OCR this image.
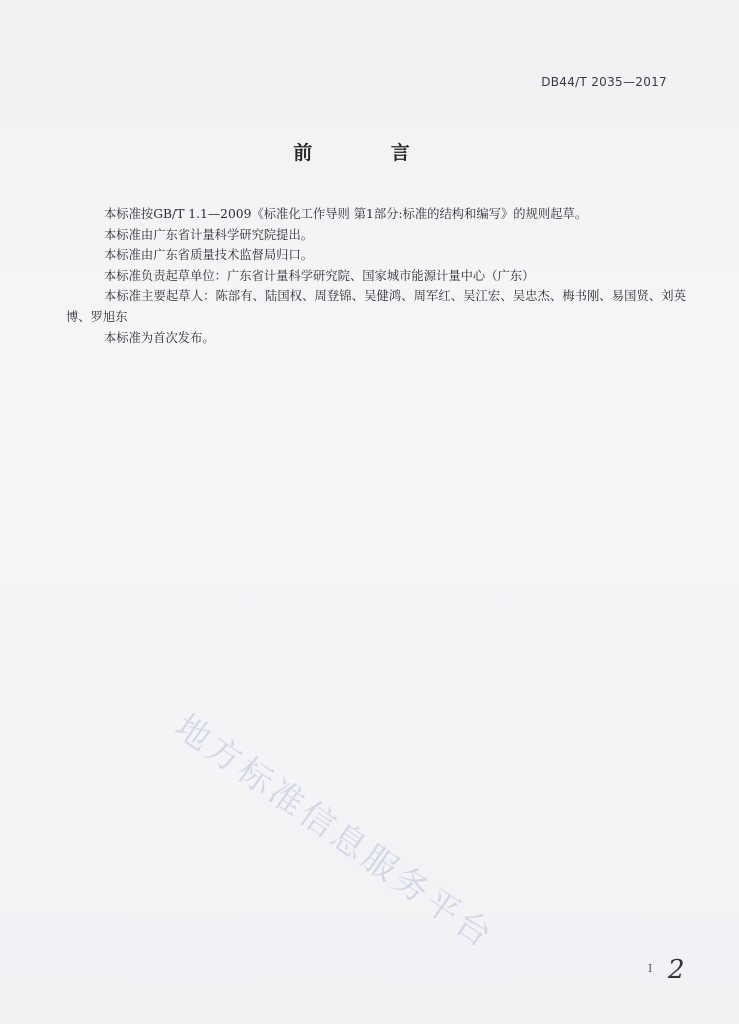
DB44/T 2035—2017
前 言

本标准按GB/T 1.1—2009《标准化工作导则 第1部分:标准的结构和编写》的规则起草。

本标准由广东省计量科学研究院提出。

本标准由广东省质量技术监督局归口。

本标准负责起草单位：广东省计量科学研究院、国家城市能源计量中心（广东）

本标准主要起草人：陈部有、陆国权、周登锦、吴健鸿、周军红、吴江宏、吴忠杰、梅书刚、易国贤、刘英博、罗旭东

本标准为首次发布。

地方标准信息服务平台
I 2
